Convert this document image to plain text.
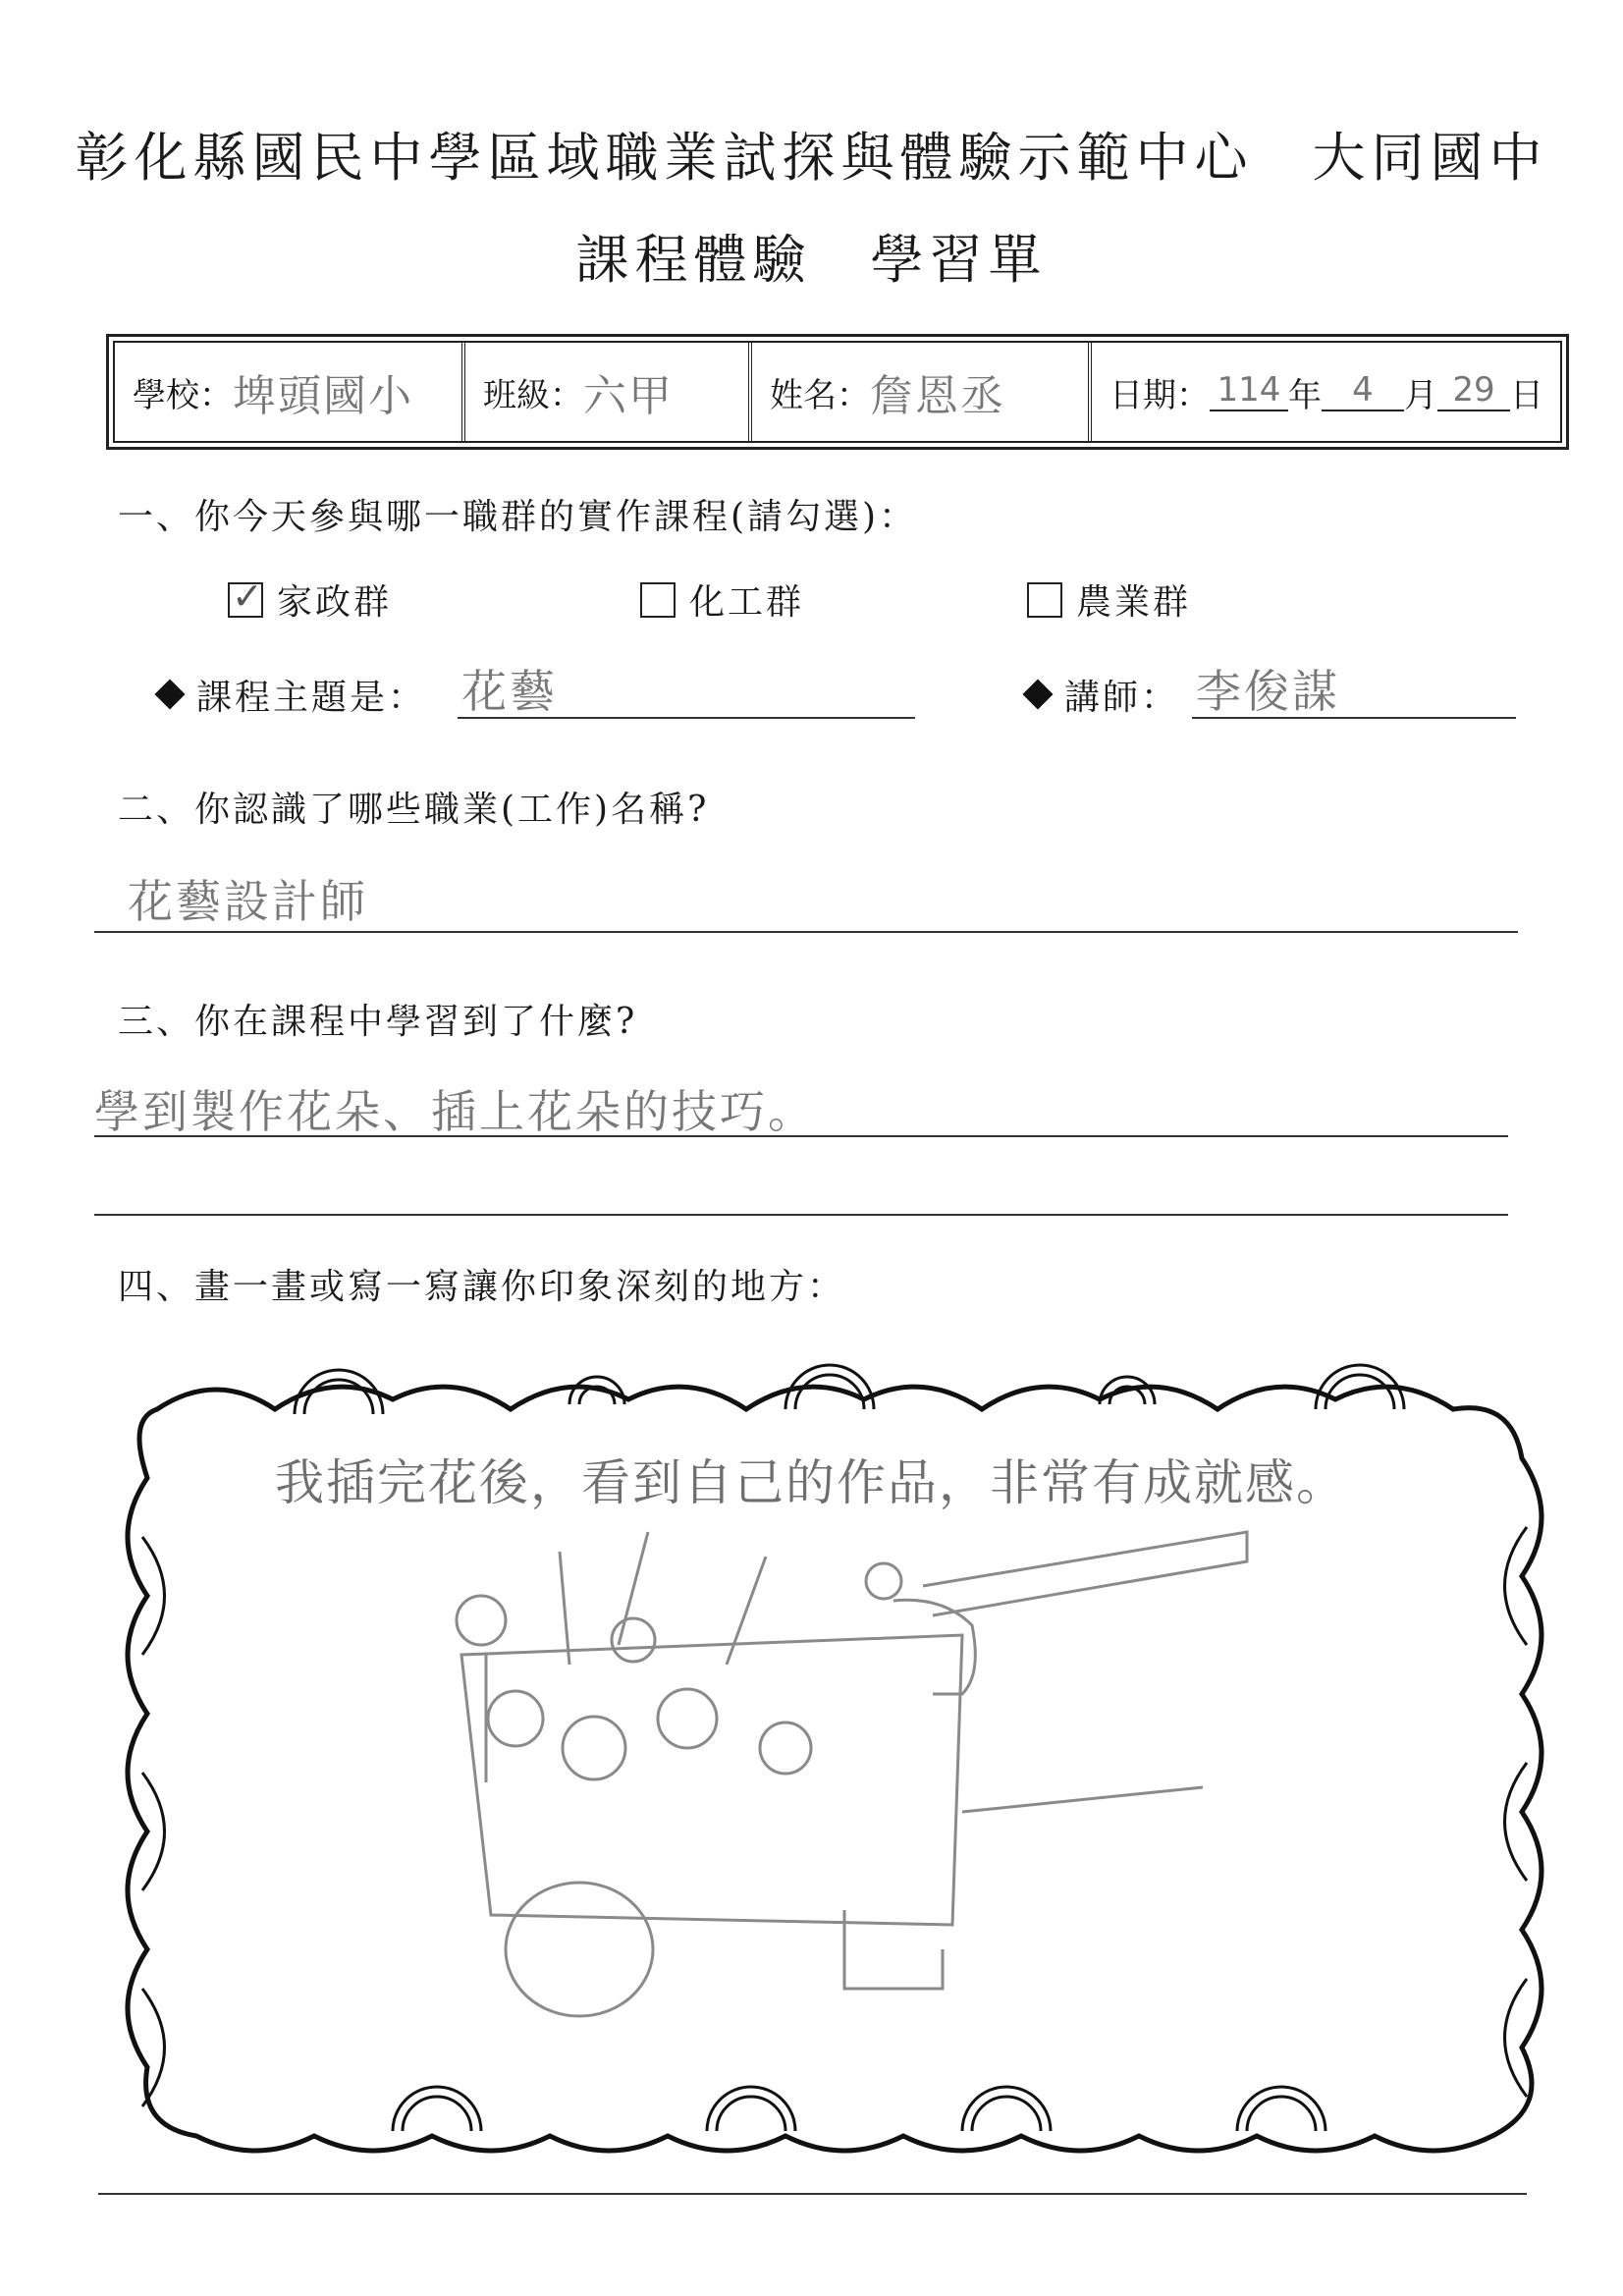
彰化縣國民中學區域職業試探與體驗示範中心 大同國中
課程體驗 學習單
學校： 埤頭國小 班級： 六甲	姓名： 詹恩丞	日期： 114 年 4 月 29 日
一、你今天參與哪一職群的實作課程(請勾選)：
✓ 家政群	化工群	農業群
課程主題是： 花藝	講師： 李俊謀
二、你認識了哪些職業(工作)名稱?
花藝設計師
三、你在課程中學習到了什麼?
學到製作花朵、插上花朵的技巧。
四、畫一畫或寫一寫讓你印象深刻的地方：
我插完花後，看到自己的作品，非常有成就感。
